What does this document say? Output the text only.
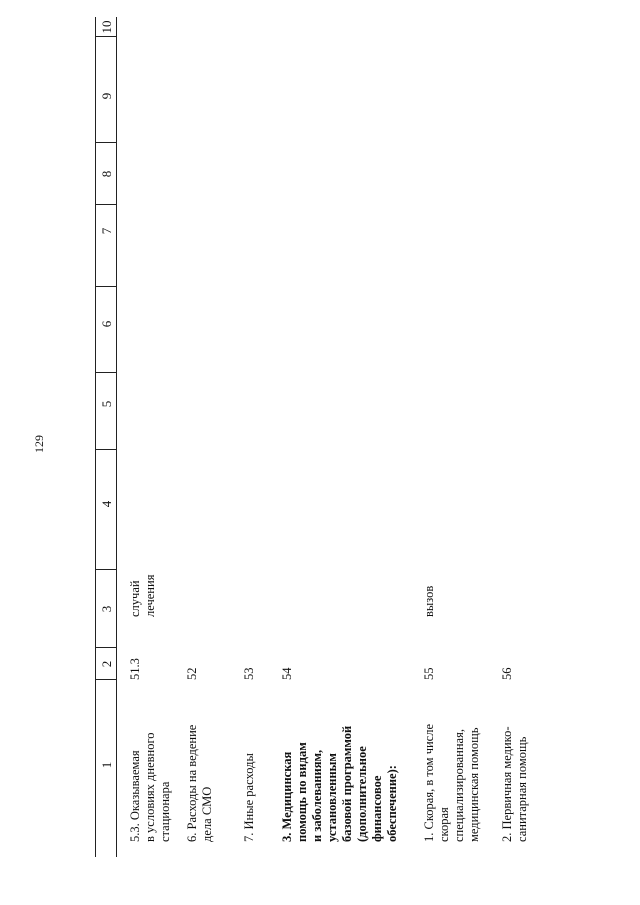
129
1
2
3
4
5
6
7
8
9
10
5.3. Оказываемая
в условиях дневного
стационара
51.3
случай
лечения
6. Расходы на ведение
дела СМО
52
7. Иные расходы
53
3. Медицинская
помощь по видам
и заболеваниям,
установленным
базовой программой
(дополнительное
финансовое
обеспечение):
54
1. Скорая, в том числе
скорая
специализированная,
медицинская помощь
55
вызов
2. Первичная медико-
санитарная помощь
56
